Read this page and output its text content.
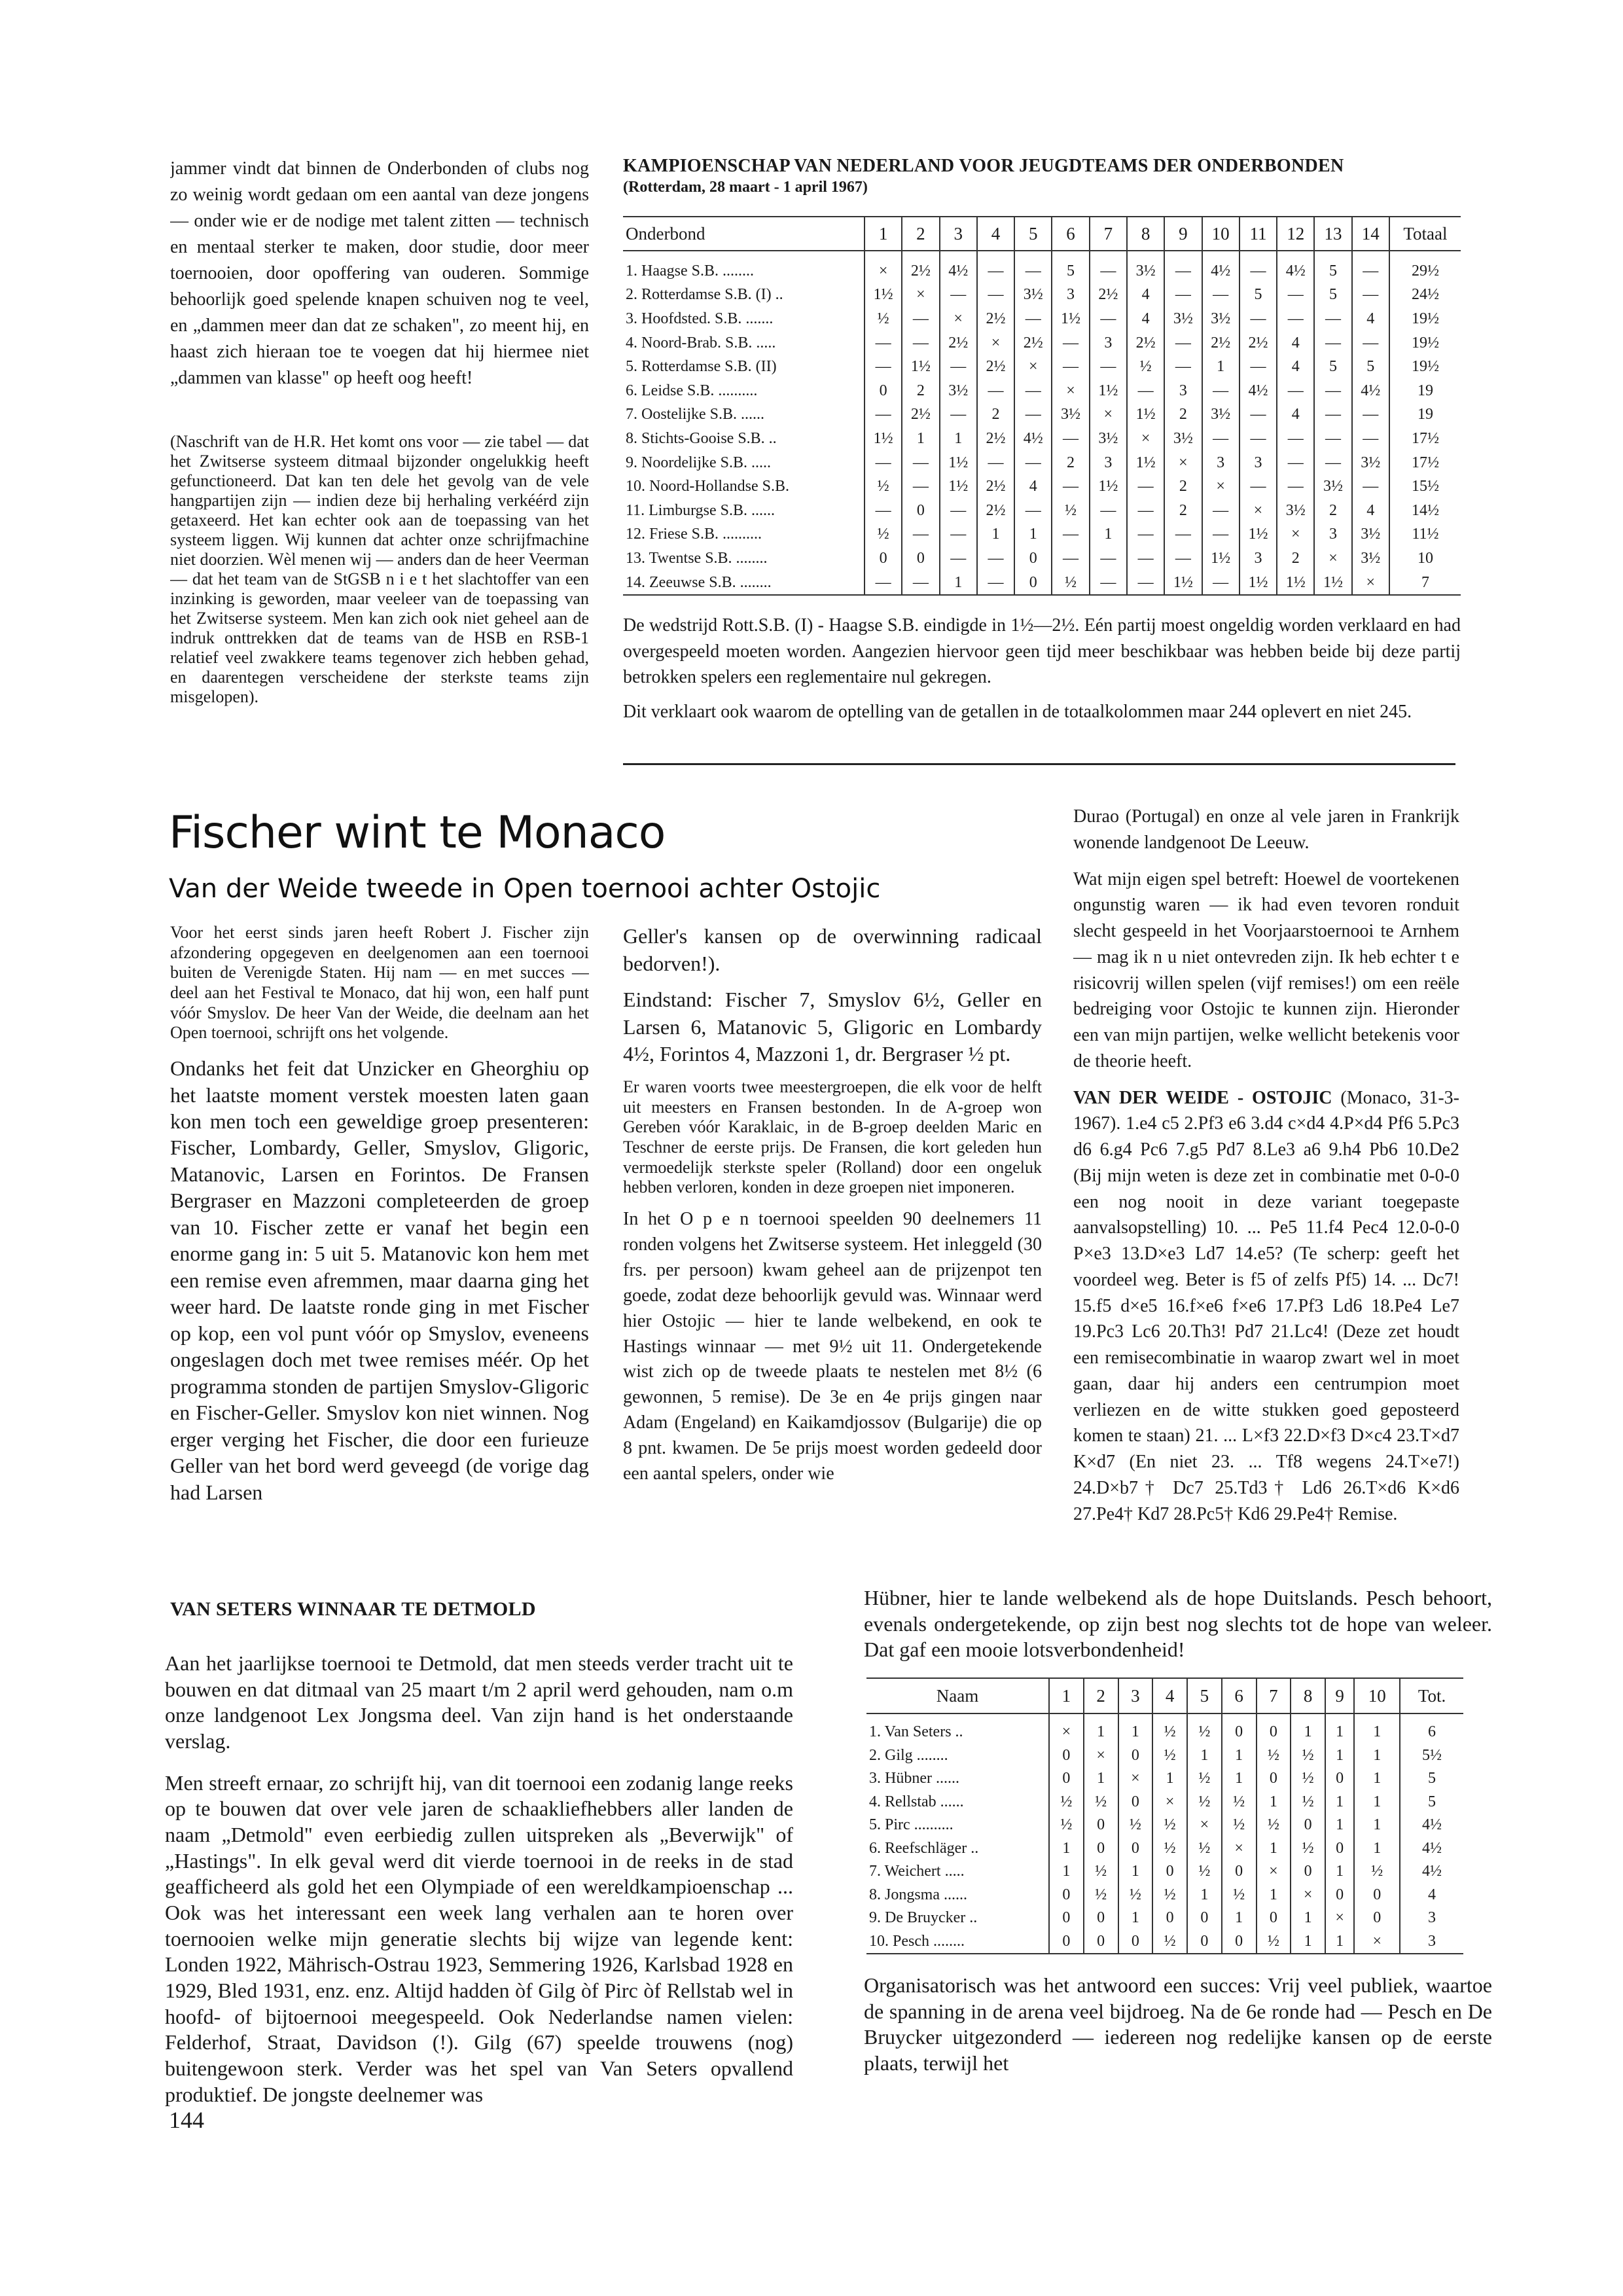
jammer vindt dat binnen de Onderbonden of clubs nog zo weinig wordt gedaan om een aantal van deze jongens — onder wie er de nodige met talent zitten — technisch en mentaal sterker te maken, door studie, door meer toernooien, door opoffering van ouderen. Sommige behoorlijk goed spelende knapen schuiven nog te veel, en „dammen meer dan dat ze schaken", zo meent hij, en haast zich hieraan toe te voegen dat hij hiermee niet „dammen van klasse" op heeft oog heeft!

(Naschrift van de H.R. Het komt ons voor — zie tabel — dat het Zwitserse systeem ditmaal bijzonder ongelukkig heeft gefunctioneerd. Dat kan ten dele het gevolg van de vele hangpartijen zijn — indien deze bij herhaling verkéérd zijn getaxeerd. Het kan echter ook aan de toepassing van het systeem liggen. Wij kunnen dat achter onze schrijfmachine niet doorzien. Wèl menen wij — anders dan de heer Veerman — dat het team van de StGSB n i e t het slachtoffer van een inzinking is geworden, maar veeleer van de toepassing van het Zwitserse systeem. Men kan zich ook niet geheel aan de indruk onttrekken dat de teams van de HSB en RSB-1 relatief veel zwakkere teams tegenover zich hebben gehad, en daarentegen verscheidene der sterkste teams zijn misgelopen).

KAMPIOENSCHAP VAN NEDERLAND VOOR JEUGDTEAMS DER ONDERBONDEN
(Rotterdam, 28 maart - 1 april 1967)
Onderbond	1	2	3	4	5	6	7	8	9	10	11	12	13	14	Totaal
1. Haagse S.B. ........	×	2½	4½	—	—	5	—	3½	—	4½	—	4½	5	—	29½
2. Rotterdamse S.B. (I) ..	1½	×	—	—	3½	3	2½	4	—	—	5	—	5	—	24½
3. Hoofdsted. S.B. .......	½	—	×	2½	—	1½	—	4	3½	3½	—	—	—	4	19½
4. Noord-Brab. S.B. .....	—	—	2½	×	2½	—	3	2½	—	2½	2½	4	—	—	19½
5. Rotterdamse S.B. (II)	—	1½	—	2½	×	—	—	½	—	1	—	4	5	5	19½
6. Leidse S.B. ..........	0	2	3½	—	—	×	1½	—	3	—	4½	—	—	4½	19
7. Oostelijke S.B. ......	—	2½	—	2	—	3½	×	1½	2	3½	—	4	—	—	19
8. Stichts-Gooise S.B. ..	1½	1	1	2½	4½	—	3½	×	3½	—	—	—	—	—	17½
9. Noordelijke S.B. .....	—	—	1½	—	—	2	3	1½	×	3	3	—	—	3½	17½
10. Noord-Hollandse S.B.	½	—	1½	2½	4	—	1½	—	2	×	—	—	3½	—	15½
11. Limburgse S.B. ......	—	0	—	2½	—	½	—	—	2	—	×	3½	2	4	14½
12. Friese S.B. ..........	½	—	—	1	1	—	1	—	—	—	1½	×	3	3½	11½
13. Twentse S.B. ........	0	0	—	—	0	—	—	—	—	1½	3	2	×	3½	10
14. Zeeuwse S.B. ........	—	—	1	—	0	½	—	—	1½	—	1½	1½	1½	×	7

De wedstrijd Rott.S.B. (I) - Haagse S.B. eindigde in 1½—2½. Eén partij moest ongeldig worden verklaard en had overgespeeld moeten worden. Aangezien hiervoor geen tijd meer beschikbaar was hebben beide bij deze partij betrokken spelers een reglementaire nul gekregen.

Dit verklaart ook waarom de optelling van de getallen in de totaalkolommen maar 244 oplevert en niet 245.

Fischer wint te Monaco
Van der Weide tweede in Open toernooi achter Ostojic

Voor het eerst sinds jaren heeft Robert J. Fischer zijn afzondering opgegeven en deelgenomen aan een toernooi buiten de Verenigde Staten. Hij nam — en met succes — deel aan het Festival te Monaco, dat hij won, een half punt vóór Smyslov. De heer Van der Weide, die deelnam aan het Open toernooi, schrijft ons het volgende.

Ondanks het feit dat Unzicker en Gheorghiu op het laatste moment verstek moesten laten gaan kon men toch een geweldige groep presenteren: Fischer, Lombardy, Geller, Smyslov, Gligoric, Matanovic, Larsen en Forintos. De Fransen Bergraser en Mazzoni completeerden de groep van 10. Fischer zette er vanaf het begin een enorme gang in: 5 uit 5. Matanovic kon hem met een remise even afremmen, maar daarna ging het weer hard. De laatste ronde ging in met Fischer op kop, een vol punt vóór op Smyslov, eveneens ongeslagen doch met twee remises méér. Op het programma stonden de partijen Smyslov-Gligoric en Fischer-Geller. Smyslov kon niet winnen. Nog erger verging het Fischer, die door een furieuze Geller van het bord werd geveegd (de vorige dag had Larsen

Geller's kansen op de overwinning radicaal bedorven!).

Eindstand: Fischer 7, Smyslov 6½, Geller en Larsen 6, Matanovic 5, Gligoric en Lombardy 4½, Forintos 4, Mazzoni 1, dr. Bergraser ½ pt.

Er waren voorts twee meestergroepen, die elk voor de helft uit meesters en Fransen bestonden. In de A-groep won Gereben vóór Karaklaic, in de B-groep deelden Maric en Teschner de eerste prijs. De Fransen, die kort geleden hun vermoedelijk sterkste speler (Rolland) door een ongeluk hebben verloren, konden in deze groepen niet imponeren.

In het O p e n toernooi speelden 90 deelnemers 11 ronden volgens het Zwitserse systeem. Het inleggeld (30 frs. per persoon) kwam geheel aan de prijzenpot ten goede, zodat deze behoorlijk gevuld was. Winnaar werd hier Ostojic — hier te lande welbekend, en ook te Hastings winnaar — met 9½ uit 11. Ondergetekende wist zich op de tweede plaats te nestelen met 8½ (6 gewonnen, 5 remise). De 3e en 4e prijs gingen naar Adam (Engeland) en Kaikamdjossov (Bulgarije) die op 8 pnt. kwamen. De 5e prijs moest worden gedeeld door een aantal spelers, onder wie

Durao (Portugal) en onze al vele jaren in Frankrijk wonende landgenoot De Leeuw.

Wat mijn eigen spel betreft: Hoewel de voortekenen ongunstig waren — ik had even tevoren ronduit slecht gespeeld in het Voorjaarstoernooi te Arnhem — mag ik n u niet ontevreden zijn. Ik heb echter t e risicovrij willen spelen (vijf remises!) om een reële bedreiging voor Ostojic te kunnen zijn. Hieronder een van mijn partijen, welke wellicht betekenis voor de theorie heeft.

VAN DER WEIDE - OSTOJIC (Monaco, 31-3-1967). 1.e4 c5 2.Pf3 e6 3.d4 c×d4 4.P×d4 Pf6 5.Pc3 d6 6.g4 Pc6 7.g5 Pd7 8.Le3 a6 9.h4 Pb6 10.De2 (Bij mijn weten is deze zet in combinatie met 0-0-0 een nog nooit in deze variant toegepaste aanvalsopstelling) 10. ... Pe5 11.f4 Pec4 12.0-0-0 P×e3 13.D×e3 Ld7 14.e5? (Te scherp: geeft het voordeel weg. Beter is f5 of zelfs Pf5) 14. ... Dc7! 15.f5 d×e5 16.f×e6 f×e6 17.Pf3 Ld6 18.Pe4 Le7 19.Pc3 Lc6 20.Th3! Pd7 21.Lc4! (Deze zet houdt een remisecombinatie in waarop zwart wel in moet gaan, daar hij anders een centrumpion moet verliezen en de witte stukken goed geposteerd komen te staan) 21. ... L×f3 22.D×f3 D×c4 23.T×d7 K×d7 (En niet 23. ... Tf8 wegens 24.T×e7!) 24.D×b7† Dc7 25.Td3† Ld6 26.T×d6 K×d6 27.Pe4† Kd7 28.Pc5† Kd6 29.Pe4† Remise.

VAN SETERS WINNAAR TE DETMOLD

Aan het jaarlijkse toernooi te Detmold, dat men steeds verder tracht uit te bouwen en dat ditmaal van 25 maart t/m 2 april werd gehouden, nam o.m onze landgenoot Lex Jongsma deel. Van zijn hand is het onderstaande verslag.

Men streeft ernaar, zo schrijft hij, van dit toernooi een zodanig lange reeks op te bouwen dat over vele jaren de schaakliefhebbers aller landen de naam „Detmold" even eerbiedig zullen uitspreken als „Beverwijk" of „Hastings". In elk geval werd dit vierde toernooi in de reeks in de stad geafficheerd als gold het een Olympiade of een wereldkampioenschap ... Ook was het interessant een week lang verhalen aan te horen over toernooien welke mijn generatie slechts bij wijze van legende kent: Londen 1922, Mährisch-Ostrau 1923, Semmering 1926, Karlsbad 1928 en 1929, Bled 1931, enz. enz. Altijd hadden òf Gilg òf Pirc òf Rellstab wel in hoofd- of bijtoernooi meegespeeld. Ook Nederlandse namen vielen: Felderhof, Straat, Davidson (!). Gilg (67) speelde trouwens (nog) buitengewoon sterk. Verder was het spel van Van Seters opvallend produktief. De jongste deelnemer was

Hübner, hier te lande welbekend als de hope Duitslands. Pesch behoort, evenals ondergetekende, op zijn best nog slechts tot de hope van weleer. Dat gaf een mooie lotsverbondenheid!

Naam	1	2	3	4	5	6	7	8	9	10	Tot.
1. Van Seters ..	×	1	1	½	½	0	0	1	1	1	6
2. Gilg ........	0	×	0	½	1	1	½	½	1	1	5½
3. Hübner ......	0	1	×	1	½	1	0	½	0	1	5
4. Rellstab ......	½	½	0	×	½	½	1	½	1	1	5
5. Pirc ..........	½	0	½	½	×	½	½	0	1	1	4½
6. Reefschläger ..	1	0	0	½	½	×	1	½	0	1	4½
7. Weichert .....	1	½	1	0	½	0	×	0	1	½	4½
8. Jongsma ......	0	½	½	½	1	½	1	×	0	0	4
9. De Bruycker ..	0	0	1	0	0	1	0	1	×	0	3
10. Pesch ........	0	0	0	½	0	0	½	1	1	×	3

Organisatorisch was het antwoord een succes: Vrij veel publiek, waartoe de spanning in de arena veel bijdroeg. Na de 6e ronde had — Pesch en De Bruycker uitgezonderd — iedereen nog redelijke kansen op de eerste plaats, terwijl het

144
